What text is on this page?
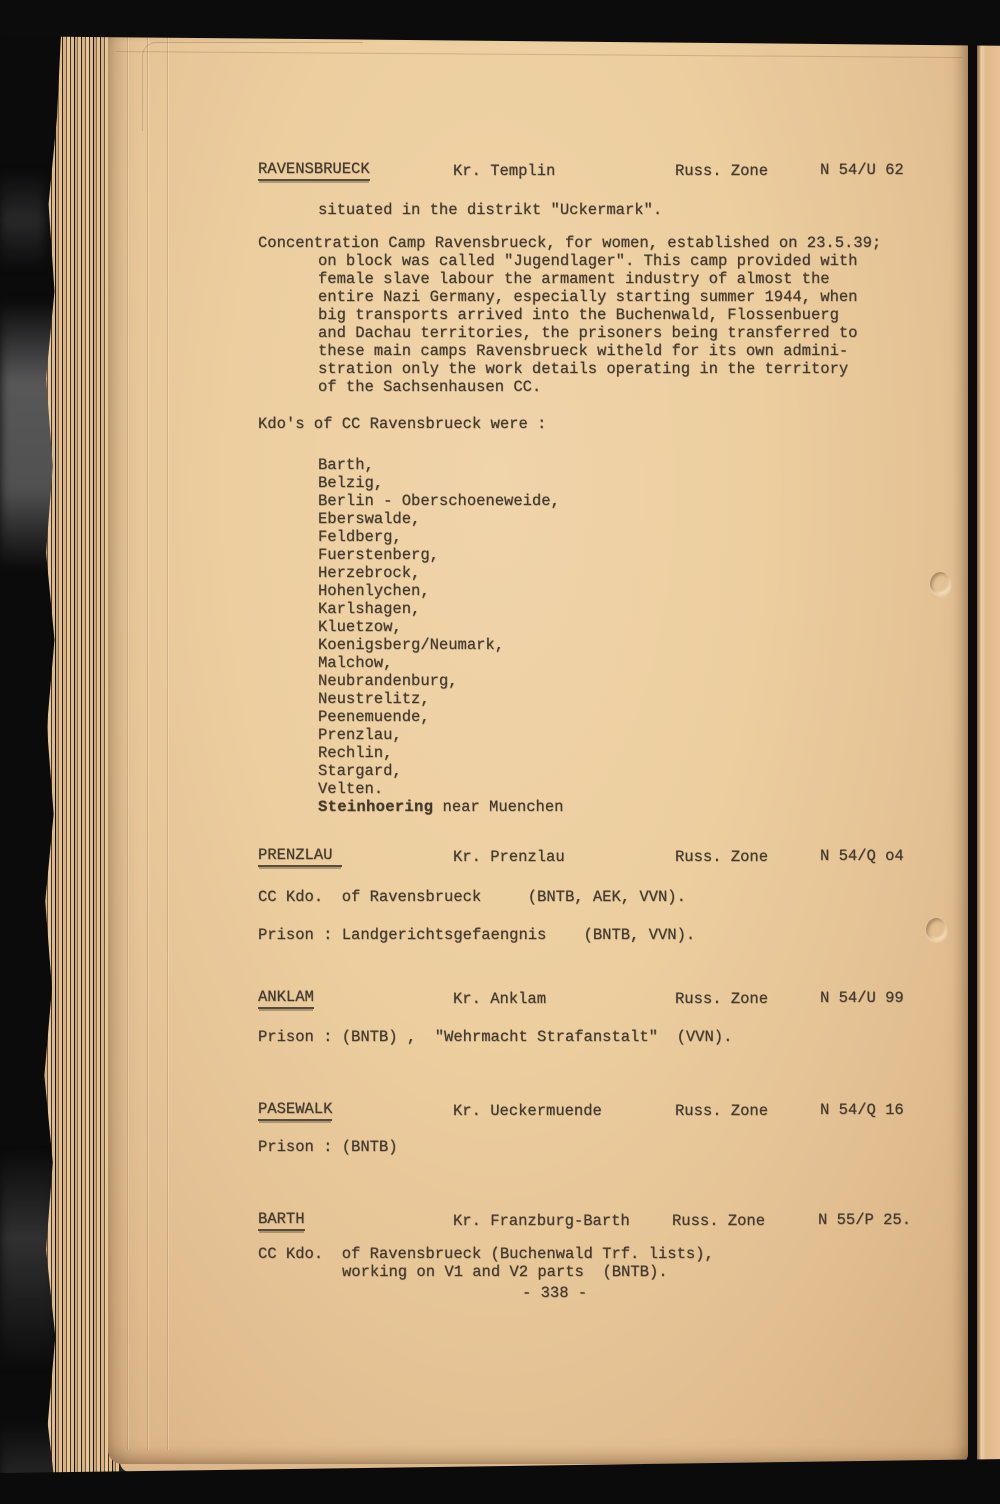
RAVENSBRUECK	Kr. Templin	Russ. Zone	N 54/U 62
situated in the distrikt "Uckermark".
Concentration Camp Ravensbrueck, for women, established on 23.5.39;
on block was called "Jugendlager". This camp provided with
female slave labour the armament industry of almost the
entire Nazi Germany, especially starting summer 1944, when
big transports arrived into the Buchenwald, Flossenbuerg
and Dachau territories, the prisoners being transferred to
these main camps Ravensbrueck witheld for its own admini-
stration only the work details operating in the territory
of the Sachsenhausen CC.
Kdo's of CC Ravensbrueck were :
Barth,
Belzig,
Berlin - Oberschoeneweide,
Eberswalde,
Feldberg,
Fuerstenberg,
Herzebrock,
Hohenlychen,
Karlshagen,
Kluetzow,
Koenigsberg/Neumark,
Malchow,
Neubrandenburg,
Neustrelitz,
Peenemuende,
Prenzlau,
Rechlin,
Stargard,
Velten.
Steinhoering near Muenchen
PRENZLAU	Kr. Prenzlau	Russ. Zone	N 54/Q o4
CC Kdo.  of Ravensbrueck     (BNTB, AEK, VVN).
Prison : Landgerichtsgefaengnis    (BNTB, VVN).
ANKLAM	Kr. Anklam	Russ. Zone	N 54/U 99
Prison : (BNTB) ,  "Wehrmacht Strafanstalt"  (VVN).
PASEWALK	Kr. Ueckermuende	Russ. Zone	N 54/Q 16
Prison : (BNTB)
BARTH	Kr. Franzburg-Barth	Russ. Zone	N 55/P 25.
CC Kdo.  of Ravensbrueck (Buchenwald Trf. lists),
working on V1 and V2 parts  (BNTB).
- 338 -
